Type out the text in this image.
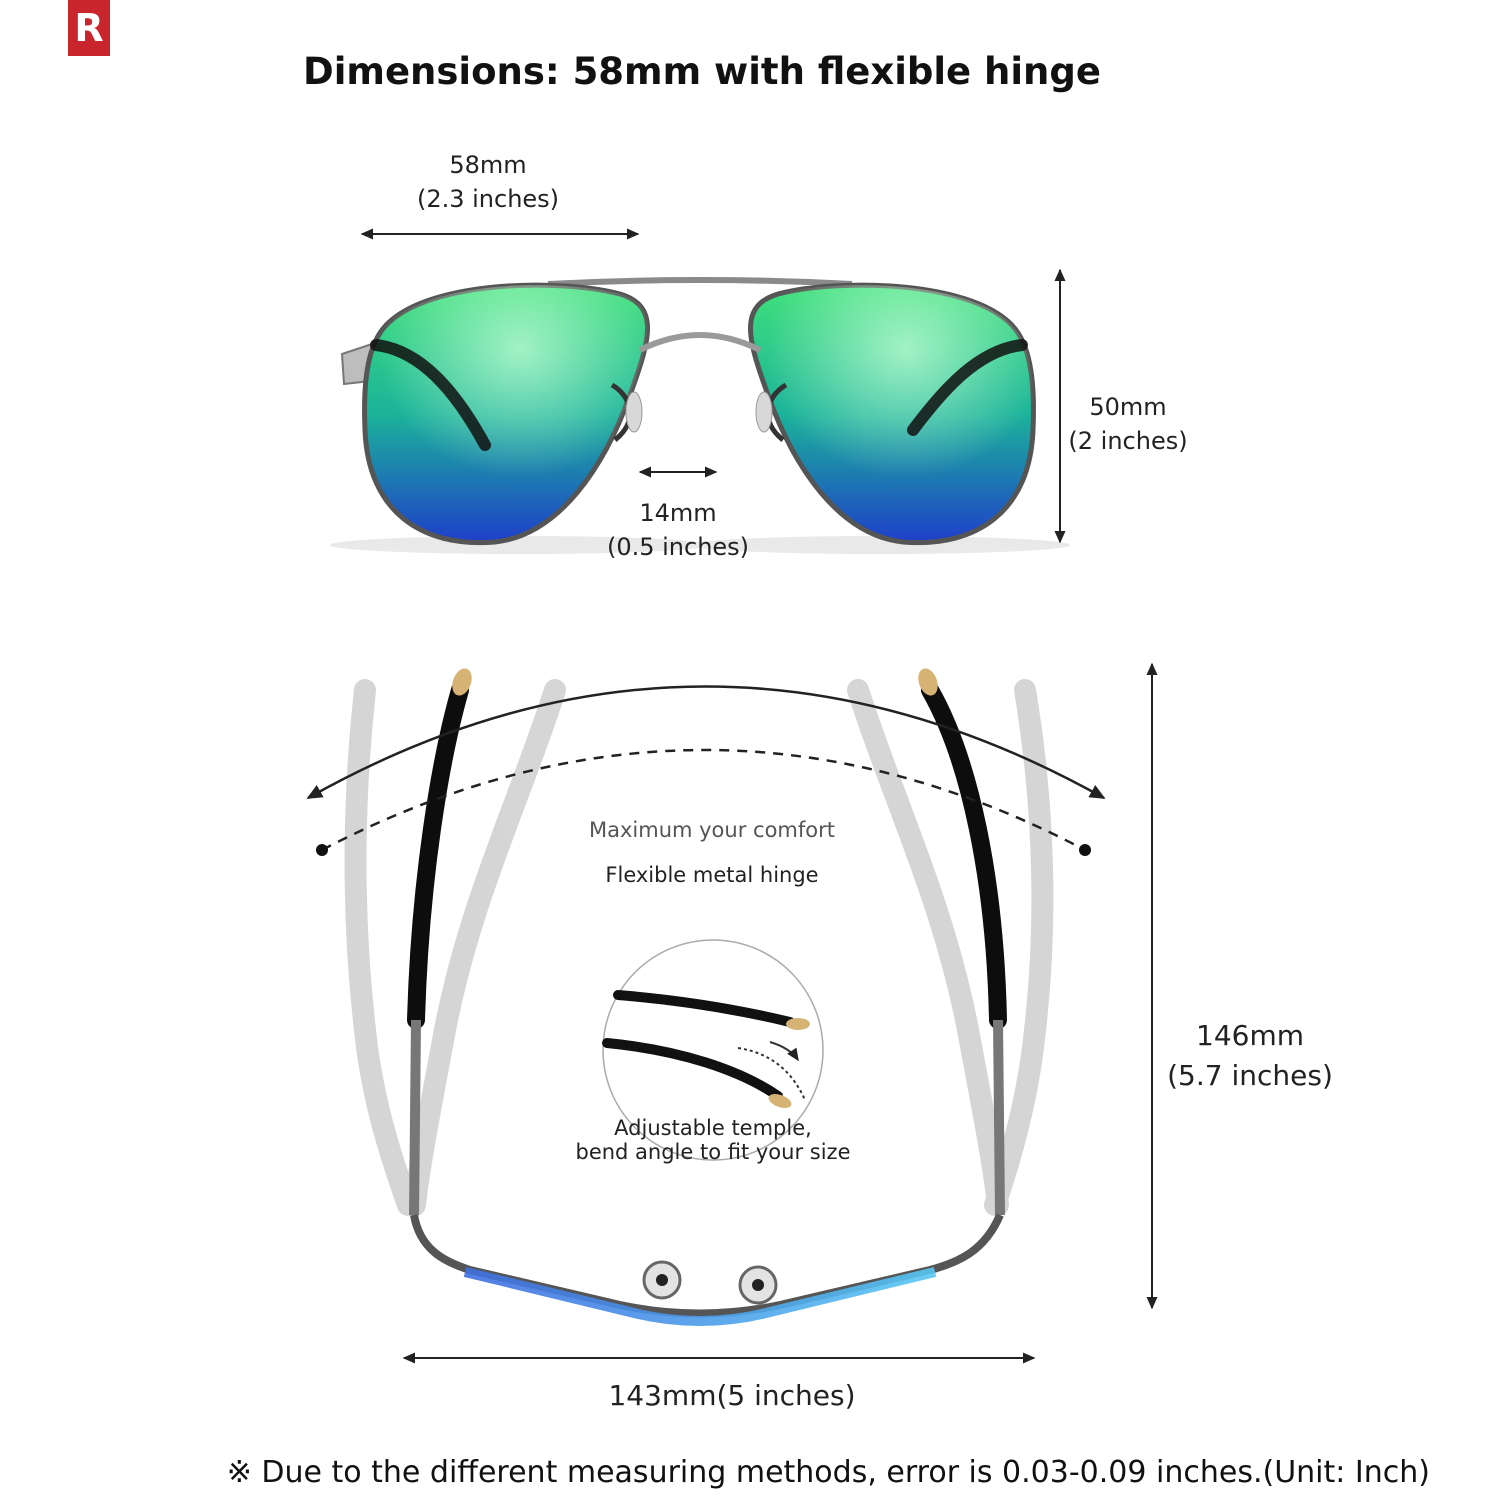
R
Dimensions: 58mm with flexible hinge
58mm
(2.3 inches)
50mm
(2 inches)
14mm
(0.5 inches)
Maximum your comfort
Flexible metal hinge
Adjustable temple,
bend angle to fit your size
146mm
(5.7 inches)
143mm(5 inches)
※ Due to the different measuring methods, error is 0.03-0.09 inches.(Unit: Inch)
